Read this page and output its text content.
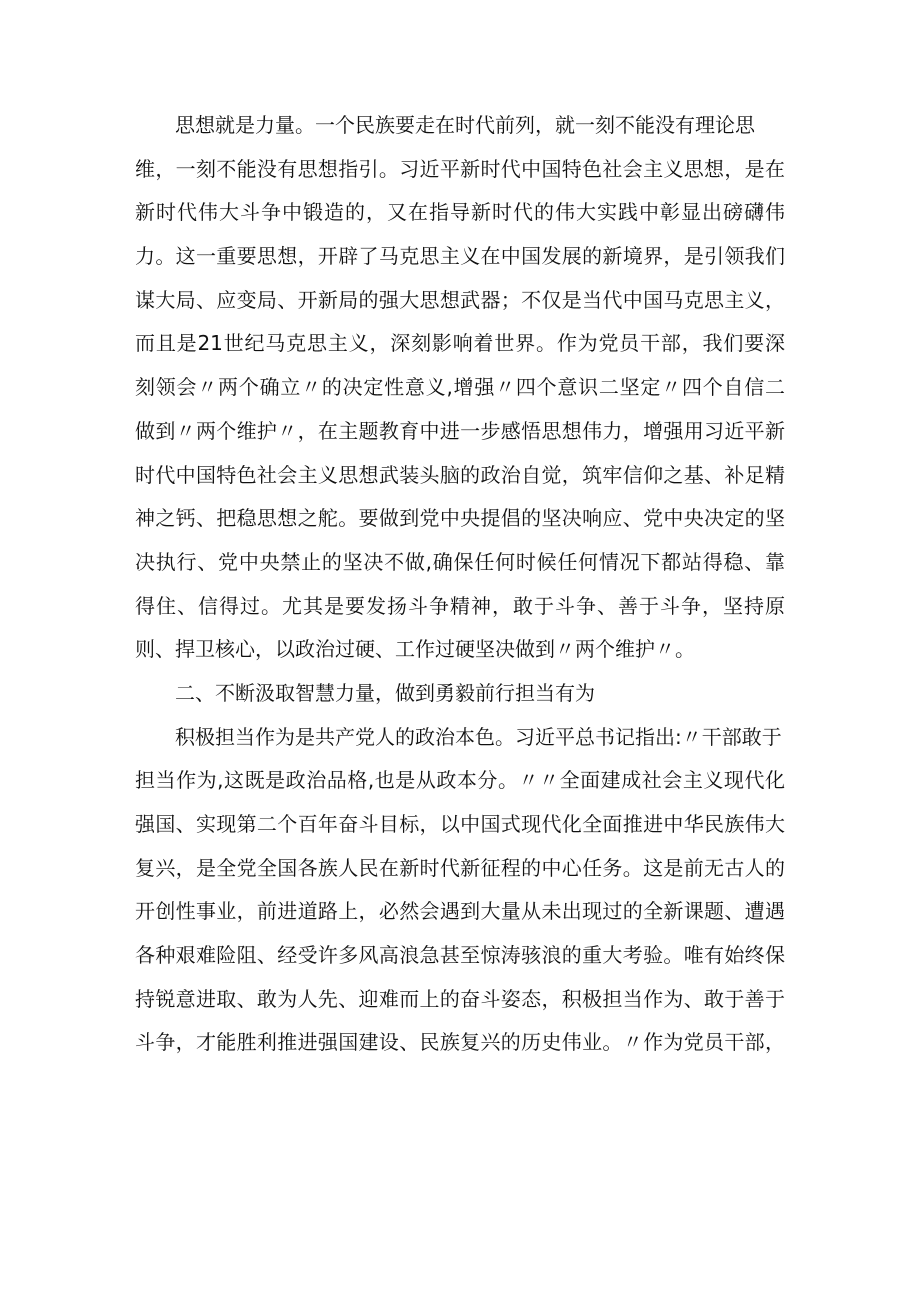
思想就是力量。一个民族要走在时代前列，就一刻不能没有理论思
维，一刻不能没有思想指引。习近平新时代中国特色社会主义思想，是在
新时代伟大斗争中锻造的，又在指导新时代的伟大实践中彰显出磅礴伟
力。这一重要思想，开辟了马克思主义在中国发展的新境界，是引领我们
谋大局、应变局、开新局的强大思想武器；不仅是当代中国马克思主义，
而且是21世纪马克思主义，深刻影响着世界。作为党员干部，我们要深
刻领会〃两个确立〃的决定性意义,增强〃四个意识二坚定〃四个自信二
做到〃两个维护〃，在主题教育中进一步感悟思想伟力，增强用习近平新
时代中国特色社会主义思想武装头脑的政治自觉，筑牢信仰之基、补足精
神之钙、把稳思想之舵。要做到党中央提倡的坚决响应、党中央决定的坚
决执行、党中央禁止的坚决不做,确保任何时候任何情况下都站得稳、靠
得住、信得过。尤其是要发扬斗争精神，敢于斗争、善于斗争，坚持原
则、捍卫核心，以政治过硬、工作过硬坚决做到〃两个维护〃。
二、不断汲取智慧力量，做到勇毅前行担当有为
积极担当作为是共产党人的政治本色。习近平总书记指出:〃干部敢于
担当作为,这既是政治品格,也是从政本分。〃〃全面建成社会主义现代化
强国、实现第二个百年奋斗目标，以中国式现代化全面推进中华民族伟大
复兴，是全党全国各族人民在新时代新征程的中心任务。这是前无古人的
开创性事业，前进道路上，必然会遇到大量从未出现过的全新课题、遭遇
各种艰难险阻、经受许多风高浪急甚至惊涛骇浪的重大考验。唯有始终保
持锐意进取、敢为人先、迎难而上的奋斗姿态，积极担当作为、敢于善于
斗争，才能胜利推进强国建设、民族复兴的历史伟业。〃作为党员干部，
